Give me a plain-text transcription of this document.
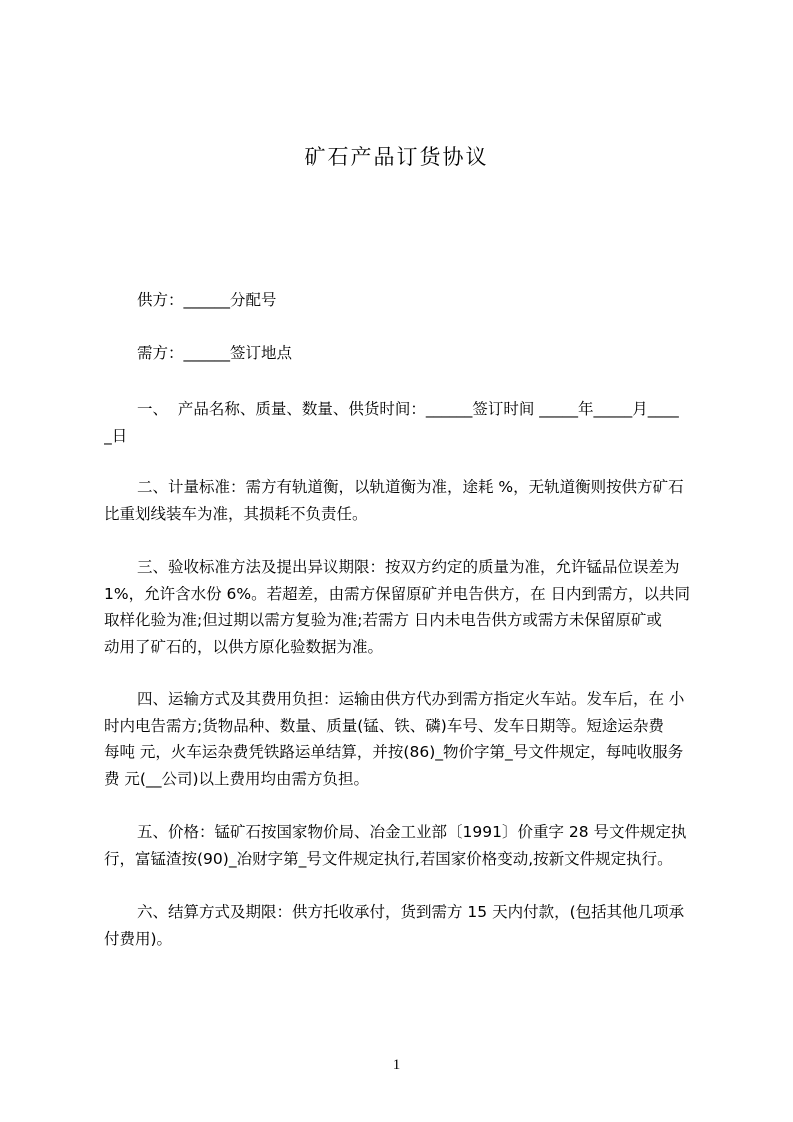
矿石产品订货协议
供方：______分配号
需方：______签订地点
一、  产品名称、质量、数量、供货时间：______签订时间 _____年_____月____
_日
二、计量标准：需方有轨道衡，以轨道衡为准，途耗 %，无轨道衡则按供方矿石
比重划线装车为准，其损耗不负责任。
三、验收标准方法及提出异议期限：按双方约定的质量为准，允许锰品位误差为
1%，允许含水份 6%。若超差，由需方保留原矿并电告供方，在 日内到需方，以共同
取样化验为准;但过期以需方复验为准;若需方 日内未电告供方或需方未保留原矿或
动用了矿石的，以供方原化验数据为准。
四、运输方式及其费用负担：运输由供方代办到需方指定火车站。发车后，在 小
时内电告需方;货物品种、数量、质量(锰、铁、磷)车号、发车日期等。短途运杂费
每吨 元，火车运杂费凭铁路运单结算，并按(86)_物价字第_号文件规定，每吨收服务
费 元(__公司)以上费用均由需方负担。
五、价格：锰矿石按国家物价局、冶金工业部〔1991〕价重字 28 号文件规定执
行，富锰渣按(90)_冶财字第_号文件规定执行,若国家价格变动,按新文件规定执行。
六、结算方式及期限：供方托收承付，货到需方 15 天内付款，(包括其他几项承
付费用)。
1
